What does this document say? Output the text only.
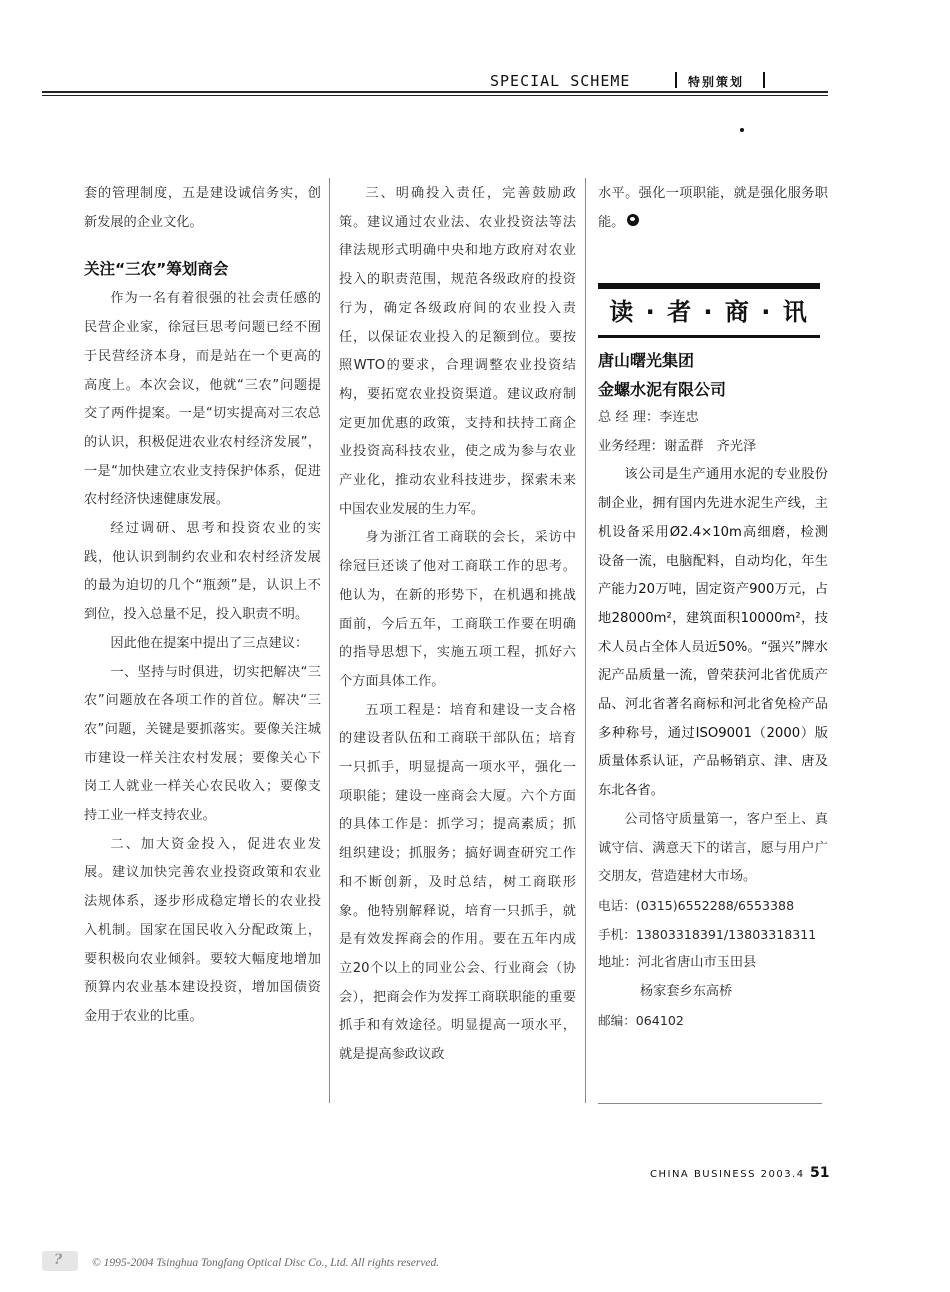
SPECIAL SCHEME	特别策划

套的管理制度，五是建设诚信务实，创新发展的企业文化。

关注“三农”筹划商会

作为一名有着很强的社会责任感的民营企业家，徐冠巨思考问题已经不囿于民营经济本身，而是站在一个更高的高度上。本次会议，他就“三农”问题提交了两件提案。一是“切实提高对三农总的认识，积极促进农业农村经济发展”，一是“加快建立农业支持保护体系，促进农村经济快速健康发展。

经过调研、思考和投资农业的实践，他认识到制约农业和农村经济发展的最为迫切的几个“瓶颈”是，认识上不到位，投入总量不足，投入职责不明。

因此他在提案中提出了三点建议：

一、坚持与时俱进，切实把解决“三农”问题放在各项工作的首位。解决“三农”问题，关键是要抓落实。要像关注城市建设一样关注农村发展；要像关心下岗工人就业一样关心农民收入；要像支持工业一样支持农业。

二、加大资金投入，促进农业发展。建议加快完善农业投资政策和农业法规体系，逐步形成稳定增长的农业投入机制。国家在国民收入分配政策上，要积极向农业倾斜。要较大幅度地增加预算内农业基本建设投资，增加国债资金用于农业的比重。

三、明确投入责任，完善鼓励政策。建议通过农业法、农业投资法等法律法规形式明确中央和地方政府对农业投入的职责范围，规范各级政府的投资行为，确定各级政府间的农业投入责任，以保证农业投入的足额到位。要按照WTO的要求，合理调整农业投资结构，要拓宽农业投资渠道。建议政府制定更加优惠的政策，支持和扶持工商企业投资高科技农业，使之成为参与农业产业化，推动农业科技进步，探索未来中国农业发展的生力军。

身为浙江省工商联的会长，采访中徐冠巨还谈了他对工商联工作的思考。他认为，在新的形势下，在机遇和挑战面前，今后五年，工商联工作要在明确的指导思想下，实施五项工程，抓好六个方面具体工作。

五项工程是：培育和建设一支合格的建设者队伍和工商联干部队伍；培育一只抓手，明显提高一项水平，强化一项职能；建设一座商会大厦。六个方面的具体工作是：抓学习；提高素质；抓组织建设；抓服务；搞好调查研究工作和不断创新，及时总结，树工商联形象。他特别解释说，培育一只抓手，就是有效发挥商会的作用。要在五年内成立20个以上的同业公会、行业商会（协会），把商会作为发挥工商联职能的重要抓手和有效途径。明显提高一项水平，就是提高参政议政

水平。强化一项职能，就是强化服务职能。

读 · 者 · 商 · 讯

唐山曙光集团

金螺水泥有限公司

总 经 理：李连忠

业务经理：谢孟群　齐光泽

该公司是生产通用水泥的专业股份制企业，拥有国内先进水泥生产线，主机设备采用Ø2.4×10m高细磨，检测设备一流，电脑配料，自动均化，年生产能力20万吨，固定资产900万元，占地28000m²，建筑面积10000m²，技术人员占全体人员近50%。“强兴”牌水泥产品质量一流，曾荣获河北省优质产品、河北省著名商标和河北省免检产品多种称号，通过ISO9001（2000）版质量体系认证，产品畅销京、津、唐及东北各省。

公司恪守质量第一，客户至上、真诚守信、满意天下的诺言，愿与用户广交朋友，营造建材大市场。

电话：(0315)6552288/6553388

手机：13803318391/13803318311

地址：河北省唐山市玉田县

杨家套乡东高桥

邮编：064102

CHINA BUSINESS 2003.4 51
?	© 1995-2004 Tsinghua Tongfang Optical Disc Co., Ltd. All rights reserved.
